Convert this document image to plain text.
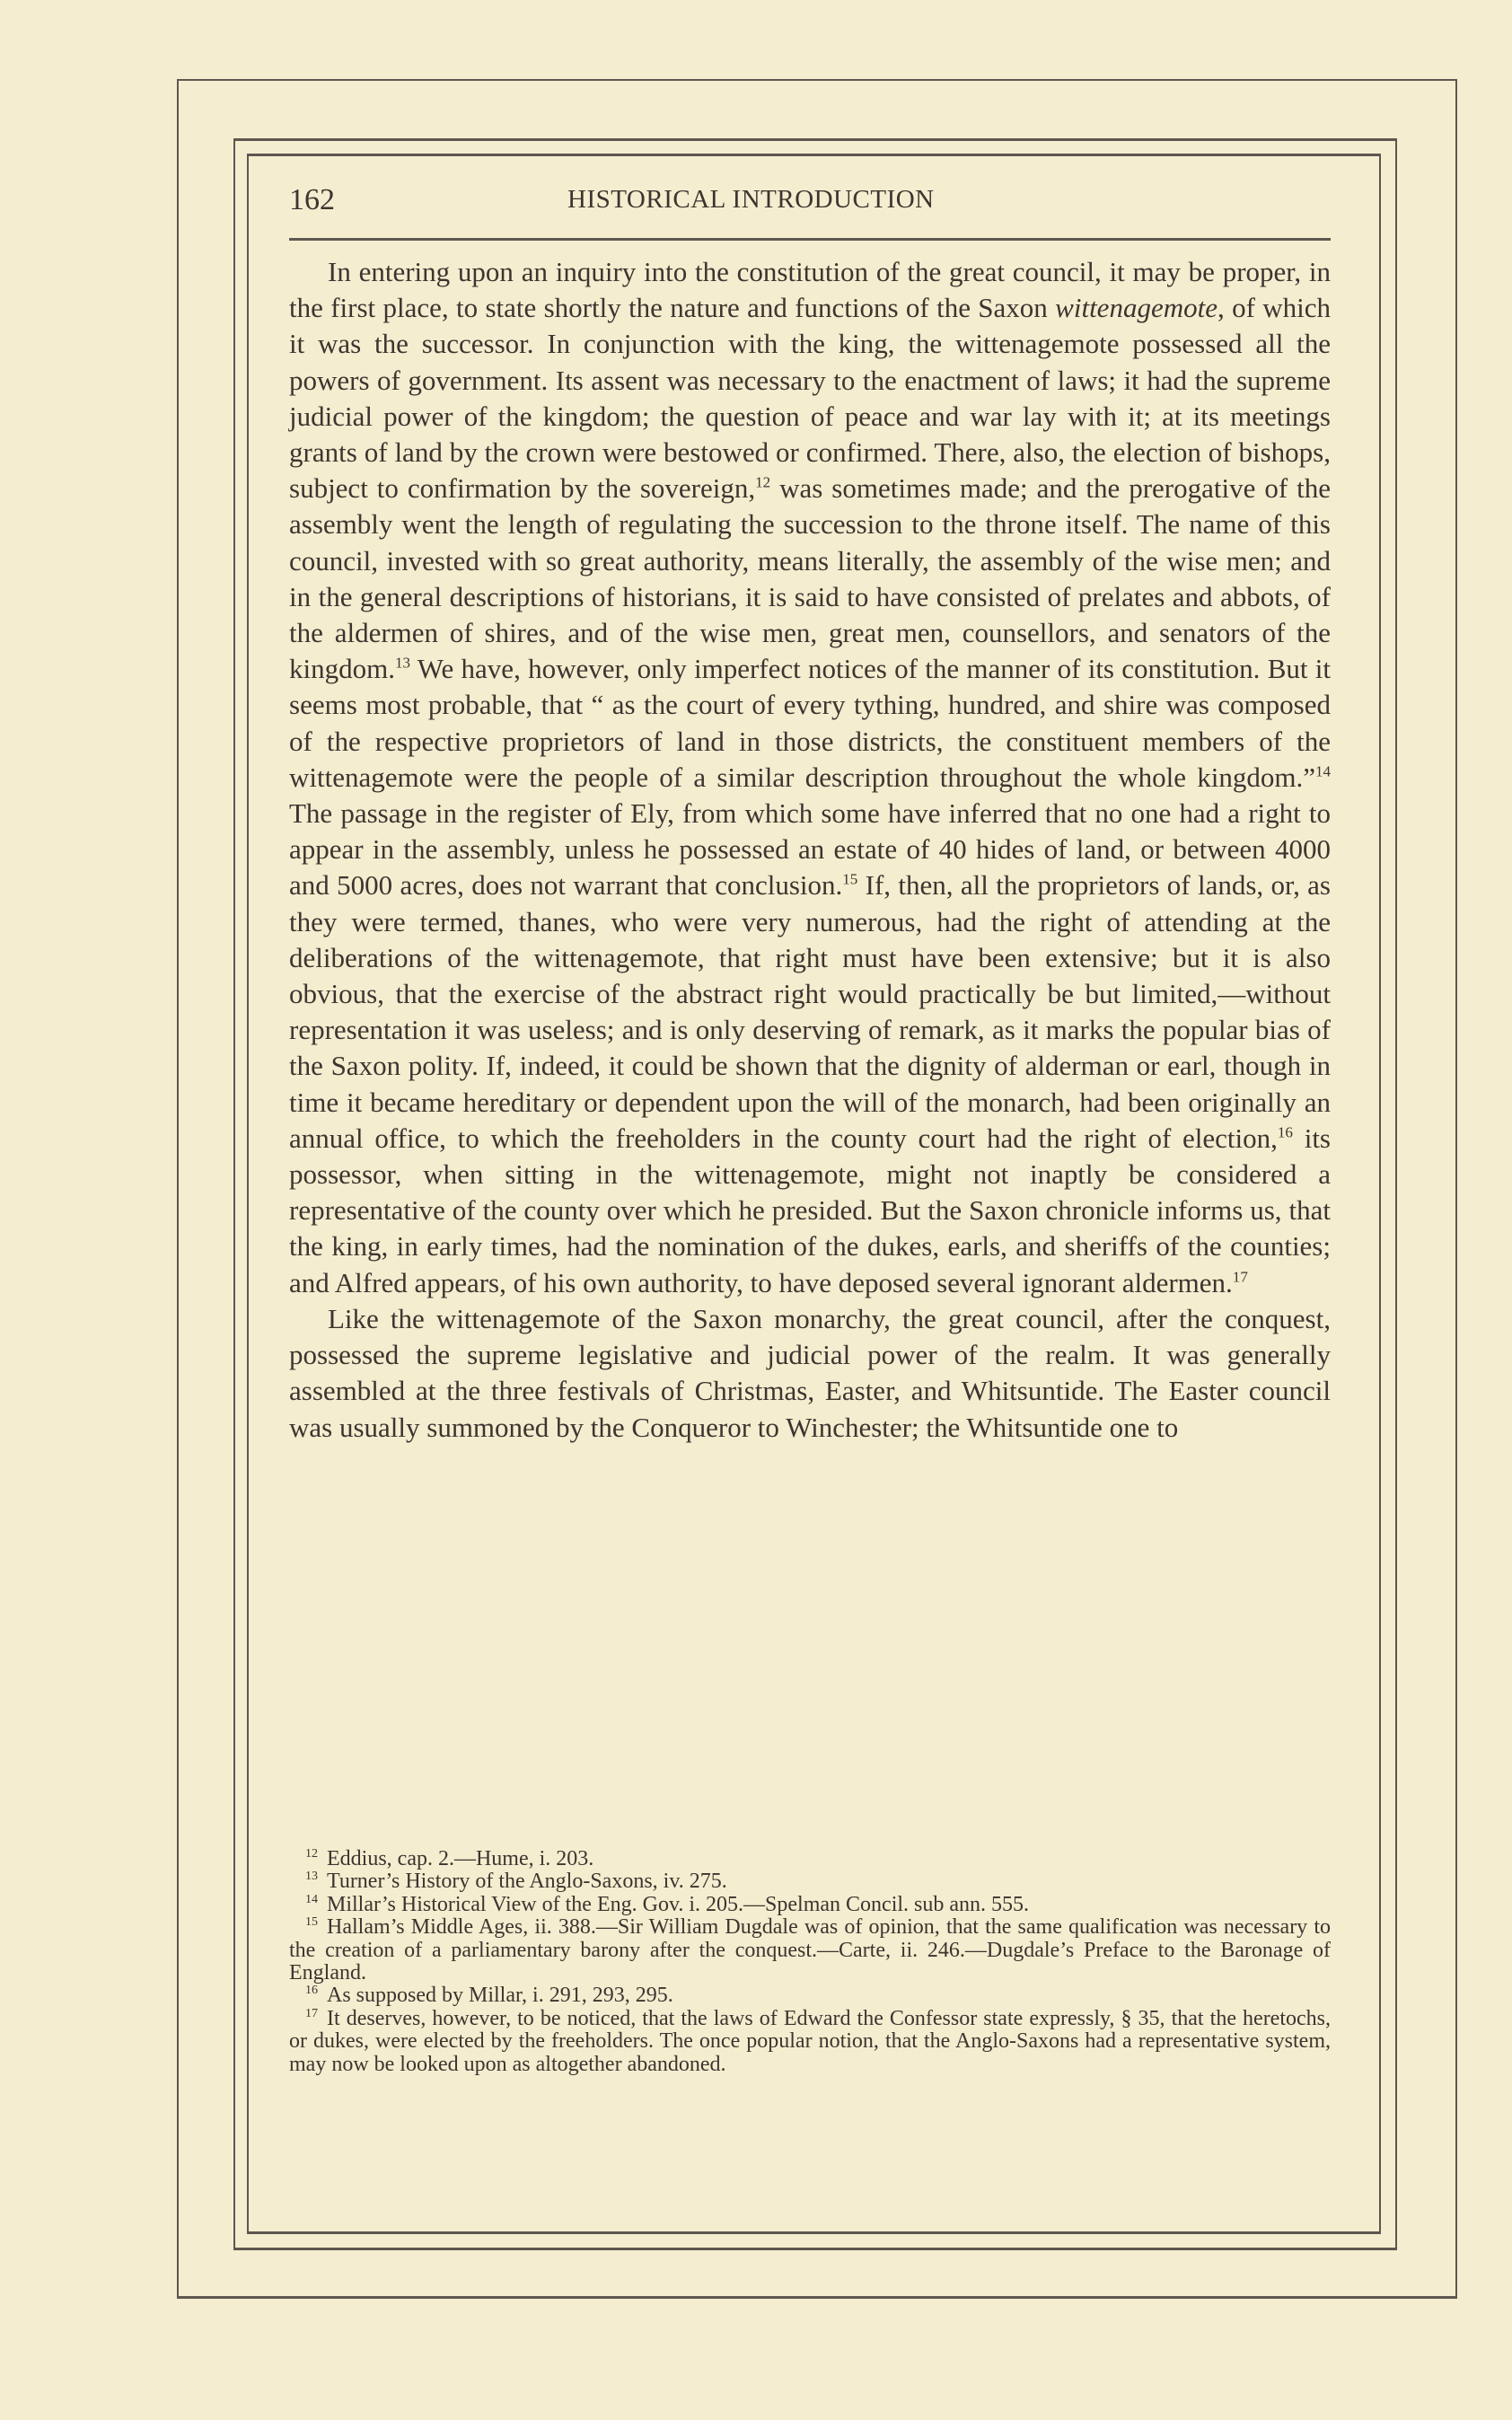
162	HISTORICAL INTRODUCTION

In entering upon an inquiry into the constitution of the great council, it may be proper, in the first place, to state shortly the nature and functions of the Saxon wittenagemote, of which it was the successor. In conjunction with the king, the wittenagemote possessed all the powers of government. Its assent was necessary to the enactment of laws; it had the supreme judicial power of the kingdom; the question of peace and war lay with it; at its meetings grants of land by the crown were bestowed or confirmed. There, also, the election of bishops, subject to confirmation by the sovereign,$^{12}$ was sometimes made; and the prerogative of the assembly went the length of regulating the succession to the throne itself. The name of this council, invested with so great authority, means literally, the assembly of the wise men; and in the general descriptions of historians, it is said to have consisted of prelates and abbots, of the aldermen of shires, and of the wise men, great men, counsellors, and senators of the kingdom.$^{13}$ We have, however, only imperfect notices of the manner of its constitution. But it seems most probable, that “ as the court of every tything, hundred, and shire was composed of the respective proprietors of land in those districts, the constituent members of the wittenagemote were the people of a similar description throughout the whole kingdom.”$^{14}$ The passage in the register of Ely, from which some have inferred that no one had a right to appear in the assembly, unless he possessed an estate of 40 hides of land, or between 4000 and 5000 acres, does not warrant that conclusion.$^{15}$ If, then, all the proprietors of lands, or, as they were termed, thanes, who were very numerous, had the right of attending at the deliberations of the wittenagemote, that right must have been extensive; but it is also obvious, that the exercise of the abstract right would practically be but limited,—without representation it was useless; and is only deserving of remark, as it marks the popular bias of the Saxon polity. If, indeed, it could be shown that the dignity of alderman or earl, though in time it became hereditary or dependent upon the will of the monarch, had been originally an annual office, to which the freeholders in the county court had the right of election,$^{16}$ its possessor, when sitting in the wittenagemote, might not inaptly be considered a representative of the county over which he presided. But the Saxon chronicle informs us, that the king, in early times, had the nomination of the dukes, earls, and sheriffs of the counties; and Alfred appears, of his own authority, to have deposed several ignorant aldermen.$^{17}$

Like the wittenagemote of the Saxon monarchy, the great council, after the conquest, possessed the supreme legislative and judicial power of the realm. It was generally assembled at the three festivals of Christmas, Easter, and Whitsuntide. The Easter council was usually summoned by the Conqueror to Winchester; the Whitsuntide one to

$^{12}$ Eddius, cap. 2.—Hume, i. 203.

$^{13}$ Turner’s History of the Anglo-Saxons, iv. 275.

$^{14}$ Millar’s Historical View of the Eng. Gov. i. 205.—Spelman Concil. sub ann. 555.

$^{15}$ Hallam’s Middle Ages, ii. 388.—Sir William Dugdale was of opinion, that the same qualification was necessary to the creation of a parliamentary barony after the conquest.—Carte, ii. 246.—Dugdale’s Preface to the Baronage of England.

$^{16}$ As supposed by Millar, i. 291, 293, 295.

$^{17}$ It deserves, however, to be noticed, that the laws of Edward the Confessor state expressly, § 35, that the heretochs, or dukes, were elected by the freeholders. The once popular notion, that the Anglo-Saxons had a representative system, may now be looked upon as altogether abandoned.
